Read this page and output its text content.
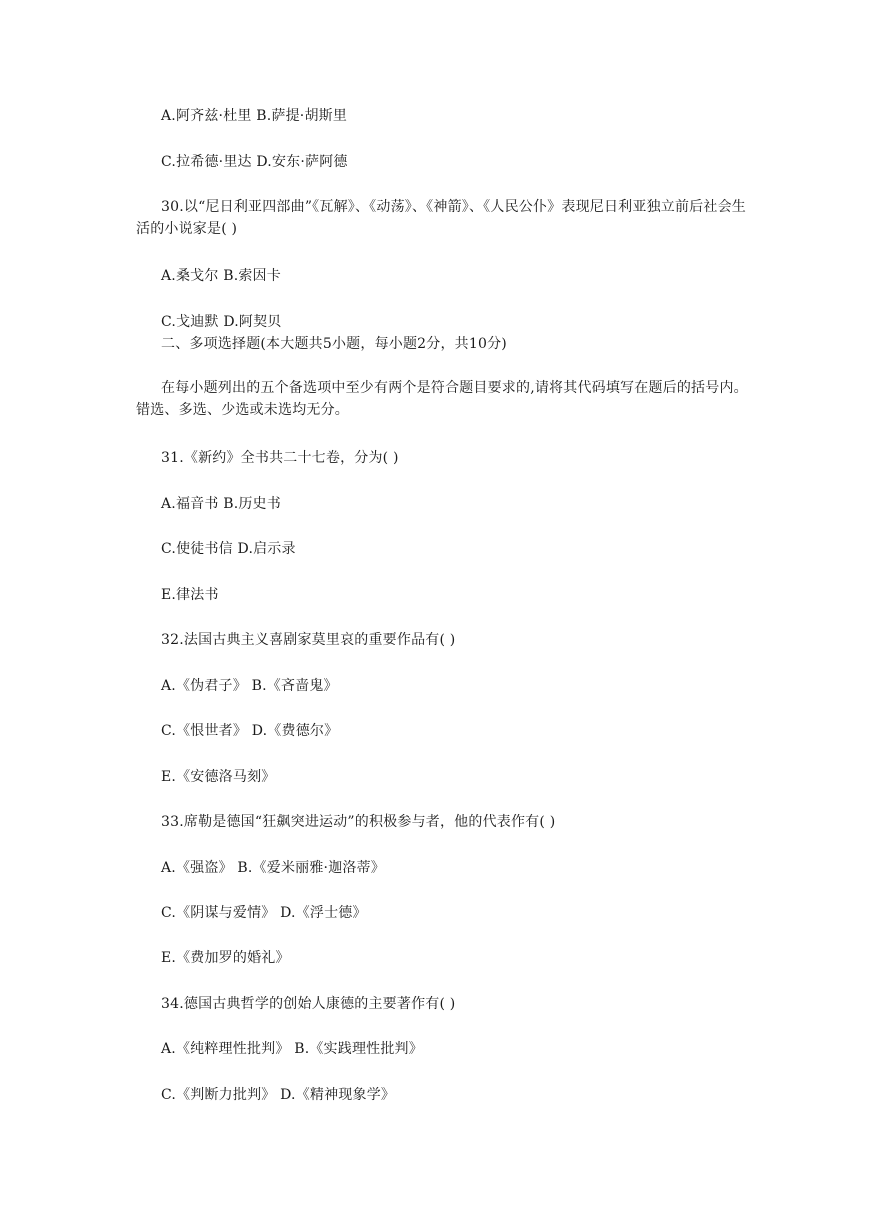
A.阿齐兹·杜里 B.萨提·胡斯里
C.拉希德·里达 D.安东·萨阿德
30.以“尼日利亚四部曲”《瓦解》、《动荡》、《神箭》、《人民公仆》表现尼日利亚独立前后社会生活的小说家是( )
A.桑戈尔 B.索因卡
C.戈迪默 D.阿契贝
二、多项选择题(本大题共5小题，每小题2分，共10分)
在每小题列出的五个备选项中至少有两个是符合题目要求的,请将其代码填写在题后的括号内。错选、多选、少选或未选均无分。
31.《新约》全书共二十七卷，分为( )
A.福音书 B.历史书
C.使徒书信 D.启示录
E.律法书
32.法国古典主义喜剧家莫里哀的重要作品有( )
A.《伪君子》 B.《吝啬鬼》
C.《恨世者》 D.《费德尔》
E.《安德洛马刻》
33.席勒是德国“狂飙突进运动”的积极参与者，他的代表作有( )
A.《强盗》 B.《爱米丽雅·迦洛蒂》
C.《阴谋与爱情》 D.《浮士德》
E.《费加罗的婚礼》
34.德国古典哲学的创始人康德的主要著作有( )
A.《纯粹理性批判》 B.《实践理性批判》
C.《判断力批判》 D.《精神现象学》
